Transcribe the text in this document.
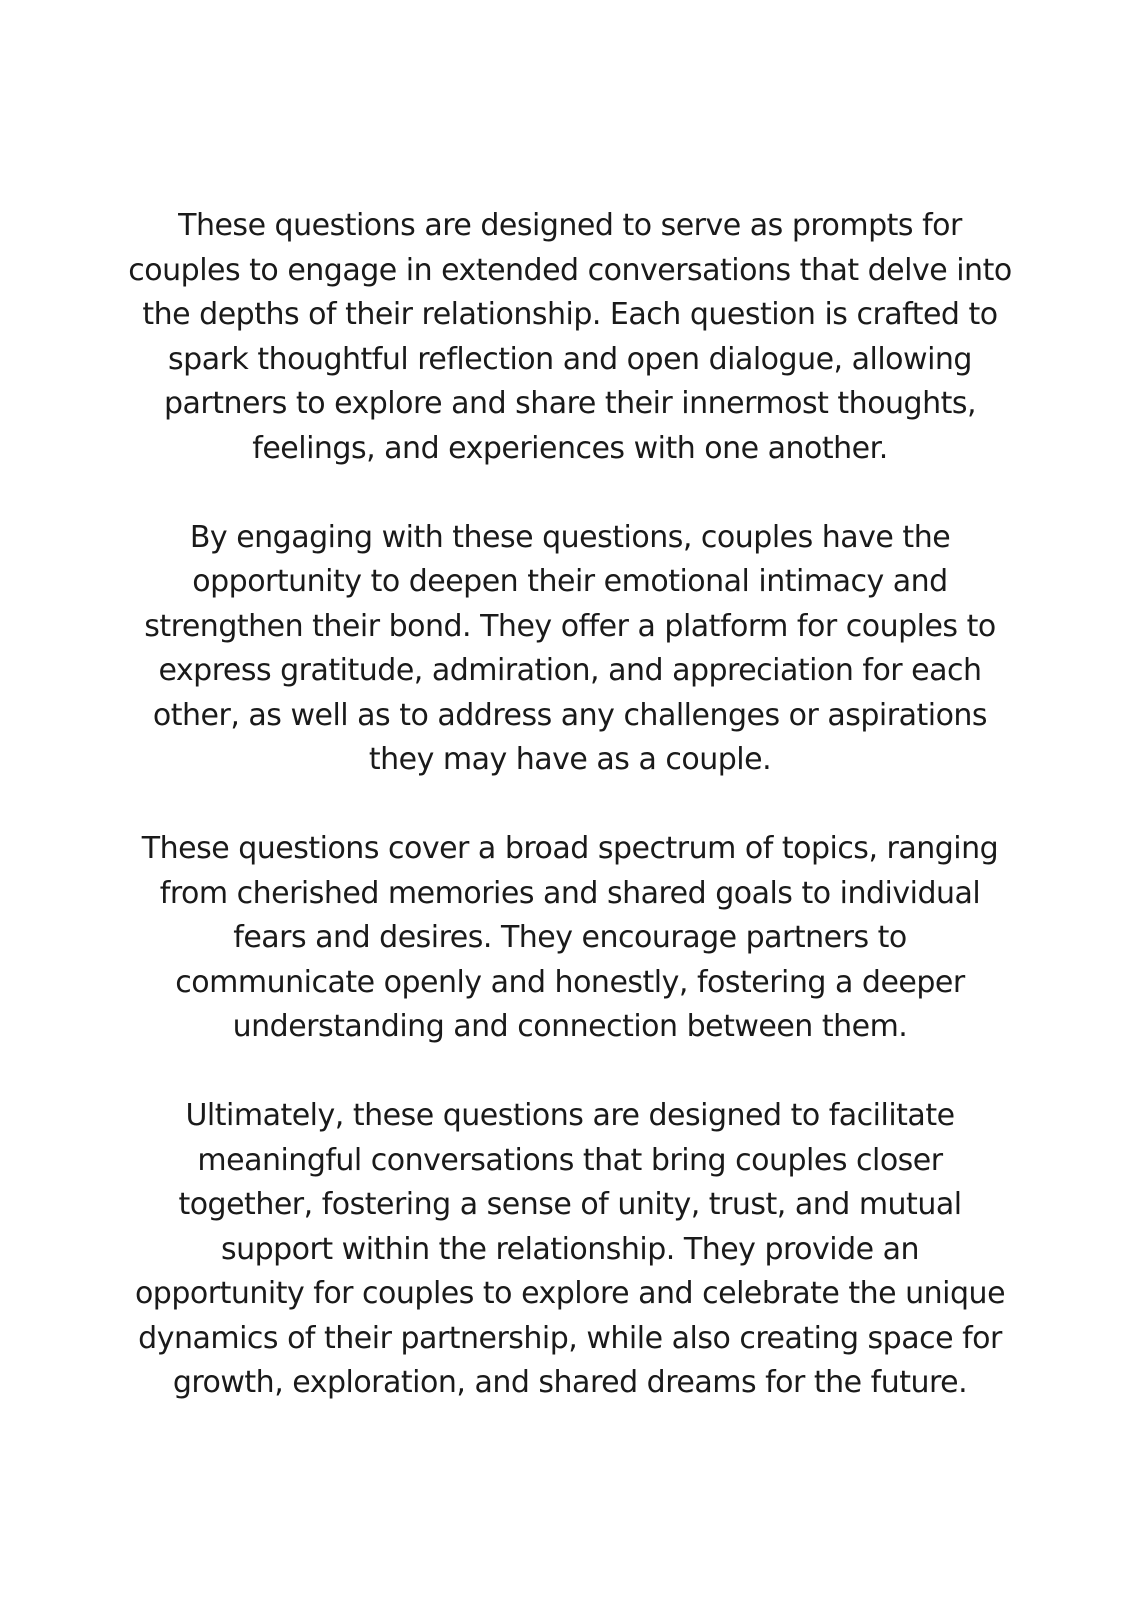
These questions are designed to serve as prompts for
couples to engage in extended conversations that delve into
the depths of their relationship. Each question is crafted to
spark thoughtful reflection and open dialogue, allowing
partners to explore and share their innermost thoughts,
feelings, and experiences with one another.

By engaging with these questions, couples have the
opportunity to deepen their emotional intimacy and
strengthen their bond. They offer a platform for couples to
express gratitude, admiration, and appreciation for each
other, as well as to address any challenges or aspirations
they may have as a couple.

These questions cover a broad spectrum of topics, ranging
from cherished memories and shared goals to individual
fears and desires. They encourage partners to
communicate openly and honestly, fostering a deeper
understanding and connection between them.

Ultimately, these questions are designed to facilitate
meaningful conversations that bring couples closer
together, fostering a sense of unity, trust, and mutual
support within the relationship. They provide an
opportunity for couples to explore and celebrate the unique
dynamics of their partnership, while also creating space for
growth, exploration, and shared dreams for the future.
